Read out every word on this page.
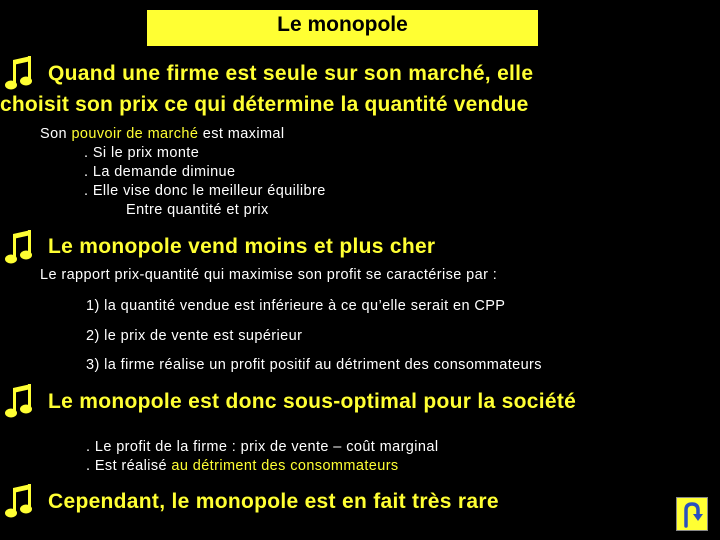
Le monopole
Quand une firme est seule sur son marché, elle
choisit son prix ce qui détermine la quantité vendue
Son pouvoir de marché est maximal
. Si le prix monte
. La demande diminue
. Elle vise donc le meilleur équilibre
Entre quantité et prix
Le monopole vend moins et plus cher
Le rapport prix-quantité qui maximise son profit se caractérise par :
1) la quantité vendue est inférieure à ce qu’elle serait en CPP
2) le prix de vente est supérieur
3) la firme réalise un profit positif au détriment des consommateurs
Le monopole est donc sous-optimal pour la société
. Le profit de la firme : prix de vente – coût marginal
. Est réalisé au détriment des consommateurs
Cependant, le monopole est en fait très rare
